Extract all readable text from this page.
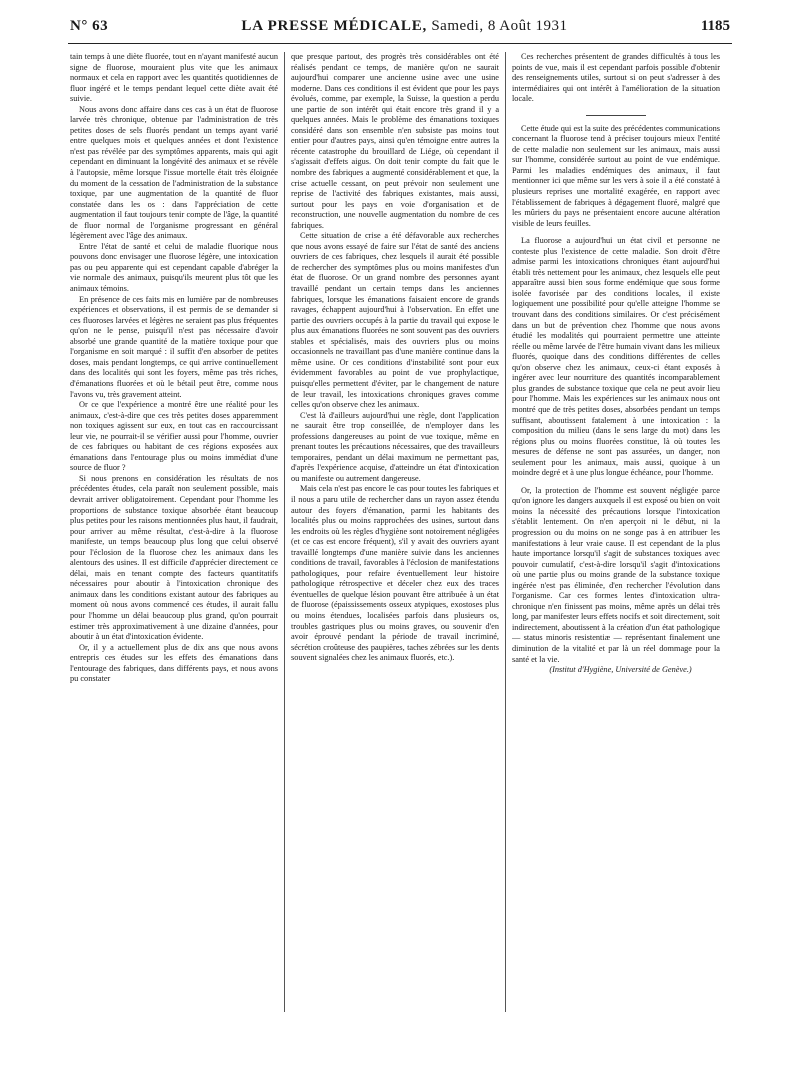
N° 63	LA PRESSE MÉDICALE, Samedi, 8 Août 1931	1185

tain temps à une diète fluorée, tout en n'ayant manifesté aucun signe de fluorose, mouraient plus vite que les animaux normaux et cela en rapport avec les quantités quotidiennes de fluor ingéré et le temps pendant lequel cette diète avait été suivie.

Nous avons donc affaire dans ces cas à un état de fluorose larvée très chronique, obtenue par l'administration de très petites doses de sels fluorés pendant un temps ayant varié entre quelques mois et quelques années et dont l'existence n'est pas révélée par des symptômes apparents, mais qui agit cependant en diminuant la longévité des animaux et se révèle à l'autopsie, même lorsque l'issue mortelle était très éloignée du moment de la cessation de l'administration de la substance toxique, par une augmentation de la quantité de fluor constatée dans les os : dans l'appréciation de cette augmentation il faut toujours tenir compte de l'âge, la quantité de fluor normal de l'organisme progressant en général légèrement avec l'âge des animaux.

Entre l'état de santé et celui de maladie fluorique nous pouvons donc envisager une fluorose légère, une intoxication pas ou peu apparente qui est cependant capable d'abréger la vie normale des animaux, puisqu'ils meurent plus tôt que les animaux témoins.

En présence de ces faits mis en lumière par de nombreuses expériences et observations, il est permis de se demander si ces fluoroses larvées et légères ne seraient pas plus fréquentes qu'on ne le pense, puisqu'il n'est pas nécessaire d'avoir absorbé une grande quantité de la matière toxique pour que l'organisme en soit marqué : il suffit d'en absorber de petites doses, mais pendant longtemps, ce qui arrive continuellement dans des localités qui sont les foyers, même pas très riches, d'émanations fluorées et où le bétail peut être, comme nous l'avons vu, très gravement atteint.

Or ce que l'expérience a montré être une réalité pour les animaux, c'est-à-dire que ces très petites doses apparemment non toxiques agissent sur eux, en tout cas en raccourcissant leur vie, ne pourrait-il se vérifier aussi pour l'homme, ouvrier de ces fabriques ou habitant de ces régions exposées aux émanations dans l'entourage plus ou moins immédiat d'une source de fluor ?

Si nous prenons en considération les résultats de nos précédentes études, cela paraît non seulement possible, mais devrait arriver obligatoirement. Cependant pour l'homme les proportions de substance toxique absorbée étant beaucoup plus petites pour les raisons mentionnées plus haut, il faudrait, pour arriver au même résultat, c'est-à-dire à la fluorose manifeste, un temps beaucoup plus long que celui observé pour l'éclosion de la fluorose chez les animaux dans les alentours des usines. Il est difficile d'apprécier directement ce délai, mais en tenant compte des facteurs quantitatifs nécessaires pour aboutir à l'intoxication chronique des animaux dans les conditions existant autour des fabriques au moment où nous avons commencé ces études, il aurait fallu pour l'homme un délai beaucoup plus grand, qu'on pourrait estimer très approximativement à une dizaine d'années, pour aboutir à un état d'intoxication évidente.

Or, il y a actuellement plus de dix ans que nous avons entrepris ces études sur les effets des émanations dans l'entourage des fabriques, dans différents pays, et nous avons pu constater

que presque partout, des progrès très considérables ont été réalisés pendant ce temps, de manière qu'on ne saurait aujourd'hui comparer une ancienne usine avec une usine moderne. Dans ces conditions il est évident que pour les pays évolués, comme, par exemple, la Suisse, la question a perdu une partie de son intérêt qui était encore très grand il y a quelques années. Mais le problème des émanations toxiques considéré dans son ensemble n'en subsiste pas moins tout entier pour d'autres pays, ainsi qu'en témoigne entre autres la récente catastrophe du brouillard de Liége, où cependant il s'agissait d'effets aigus. On doit tenir compte du fait que le nombre des fabriques a augmenté considérablement et que, la crise actuelle cessant, on peut prévoir non seulement une reprise de l'activité des fabriques existantes, mais aussi, surtout pour les pays en voie d'organisation et de reconstruction, une nouvelle augmentation du nombre de ces fabriques.

Cette situation de crise a été défavorable aux recherches que nous avons essayé de faire sur l'état de santé des anciens ouvriers de ces fabriques, chez lesquels il aurait été possible de rechercher des symptômes plus ou moins manifestes d'un état de fluorose. Or un grand nombre des personnes ayant travaillé pendant un certain temps dans les anciennes fabriques, lorsque les émanations faisaient encore de grands ravages, échappent aujourd'hui à l'observation. En effet une partie des ouvriers occupés à la partie du travail qui expose le plus aux émanations fluorées ne sont souvent pas des ouvriers stables et spécialisés, mais des ouvriers plus ou moins occasionnels ne travaillant pas d'une manière continue dans la même usine. Or ces conditions d'instabilité sont pour eux évidemment favorables au point de vue prophylactique, puisqu'elles permettent d'éviter, par le changement de nature de leur travail, les intoxications chroniques graves comme celles qu'on observe chez les animaux.

C'est là d'ailleurs aujourd'hui une règle, dont l'application ne saurait être trop conseillée, de n'employer dans les professions dangereuses au point de vue toxique, même en prenant toutes les précautions nécessaires, que des travailleurs temporaires, pendant un délai maximum ne permettant pas, d'après l'expérience acquise, d'atteindre un état d'intoxication ou manifeste ou autrement dangereuse.

Mais cela n'est pas encore le cas pour toutes les fabriques et il nous a paru utile de rechercher dans un rayon assez étendu autour des foyers d'émanation, parmi les habitants des localités plus ou moins rapprochées des usines, surtout dans les endroits où les règles d'hygiène sont notoirement négligées (et ce cas est encore fréquent), s'il y avait des ouvriers ayant travaillé longtemps d'une manière suivie dans les anciennes conditions de travail, favorables à l'éclosion de manifestations pathologiques, pour refaire éventuellement leur histoire pathologique rétrospective et déceler chez eux des traces éventuelles de quelque lésion pouvant être attribuée à un état de fluorose (épaississements osseux atypiques, exostoses plus ou moins étendues, localisées parfois dans plusieurs os, troubles gastriques plus ou moins graves, ou souvenir d'en avoir éprouvé pendant la période de travail incriminé, sécrétion croûteuse des paupières, taches zébrées sur les dents souvent signalées chez les animaux fluorés, etc.).

Ces recherches présentent de grandes difficultés à tous les points de vue, mais il est cependant parfois possible d'obtenir des renseignements utiles, surtout si on peut s'adresser à des intermédiaires qui ont intérêt à l'amélioration de la situation locale.

Cette étude qui est la suite des précédentes communications concernant la fluorose tend à préciser toujours mieux l'entité de cette maladie non seulement sur les animaux, mais aussi sur l'homme, considérée surtout au point de vue endémique. Parmi les maladies endémiques des animaux, il faut mentionner ici que même sur les vers à soie il a été constaté à plusieurs reprises une mortalité exagérée, en rapport avec l'établissement de fabriques à dégagement fluoré, malgré que les mûriers du pays ne présentaient encore aucune altération visible de leurs feuilles.

La fluorose a aujourd'hui un état civil et personne ne conteste plus l'existence de cette maladie. Son droit d'être admise parmi les intoxications chroniques étant aujourd'hui établi très nettement pour les animaux, chez lesquels elle peut apparaître aussi bien sous forme endémique que sous forme isolée favorisée par des conditions locales, il existe logiquement une possibilité pour qu'elle atteigne l'homme se trouvant dans des conditions similaires. Or c'est précisément dans un but de prévention chez l'homme que nous avons étudié les modalités qui pourraient permettre une atteinte réelle ou même larvée de l'être humain vivant dans les milieux fluorés, quoique dans des conditions différentes de celles qu'on observe chez les animaux, ceux-ci étant exposés à ingérer avec leur nourriture des quantités incomparablement plus grandes de substance toxique que cela ne peut avoir lieu pour l'homme. Mais les expériences sur les animaux nous ont montré que de très petites doses, absorbées pendant un temps suffisant, aboutissent fatalement à une intoxication : la composition du milieu (dans le sens large du mot) dans les régions plus ou moins fluorées constitue, là où toutes les mesures de défense ne sont pas assurées, un danger, non seulement pour les animaux, mais aussi, quoique à un moindre degré et à une plus longue échéance, pour l'homme.

Or, la protection de l'homme est souvent négligée parce qu'on ignore les dangers auxquels il est exposé ou bien on voit moins la nécessité des précautions lorsque l'intoxication s'établit lentement. On n'en aperçoit ni le début, ni la progression ou du moins on ne songe pas à en attribuer les manifestations à leur vraie cause. Il est cependant de la plus haute importance lorsqu'il s'agit de substances toxiques avec pouvoir cumulatif, c'est-à-dire lorsqu'il s'agit d'intoxications où une partie plus ou moins grande de la substance toxique ingérée n'est pas éliminée, d'en rechercher l'évolution dans l'organisme. Car ces formes lentes d'intoxication ultra-chronique n'en finissent pas moins, même après un délai très long, par manifester leurs effets nocifs et soit directement, soit indirectement, aboutissent à la création d'un état pathologique — status minoris resistentiæ — représentant finalement une diminution de la vitalité et par là un réel dommage pour la santé et la vie.

(Institut d'Hygiène, Université de Genève.)
